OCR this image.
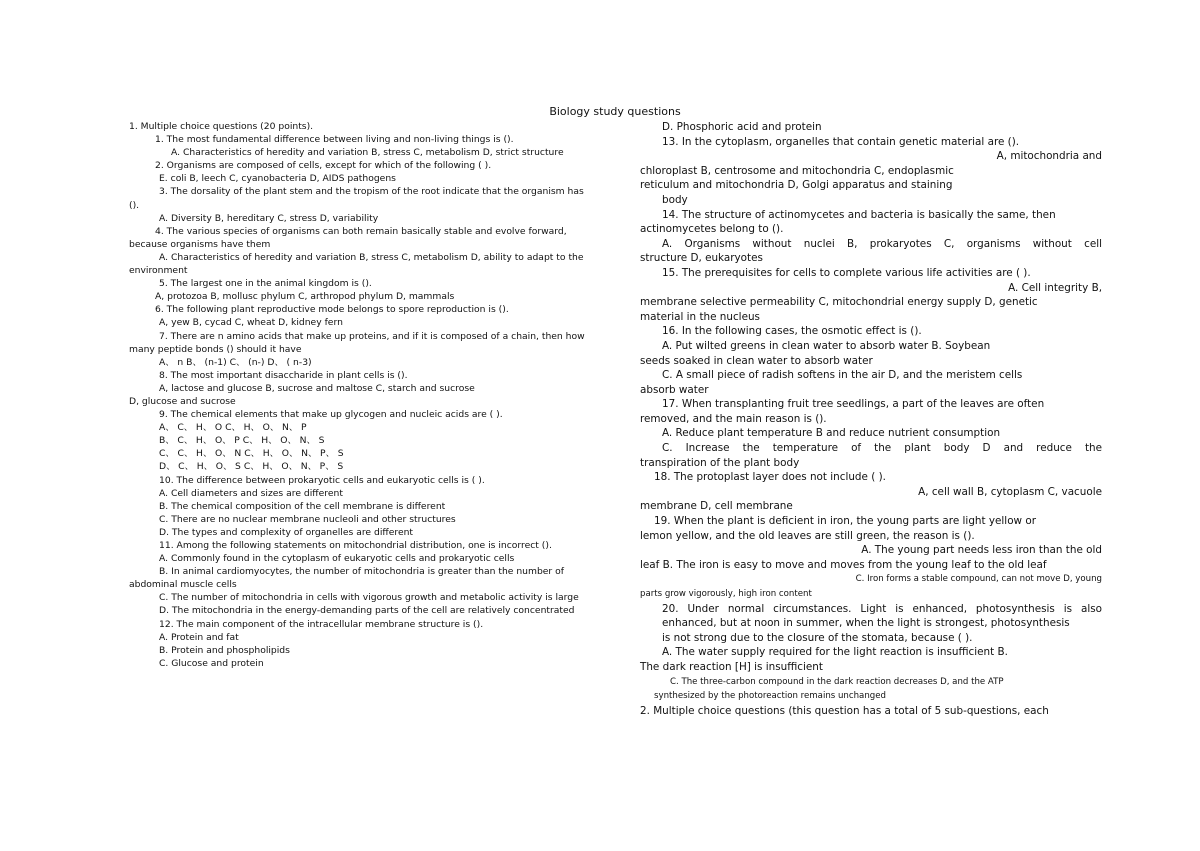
Biology study questions
1. Multiple choice questions (20 points).
1. The most fundamental difference between living and non-living things is ().
A. Characteristics of heredity and variation B, stress C, metabolism D, strict structure
2. Organisms are composed of cells, except for which of the following ( ).
E. coli B, leech C, cyanobacteria D, AIDS pathogens
3. The dorsality of the plant stem and the tropism of the root indicate that the organism has
().
A. Diversity B, hereditary C, stress D, variability
4. The various species of organisms can both remain basically stable and evolve forward,
because organisms have them
A. Characteristics of heredity and variation B, stress C, metabolism D, ability to adapt to the
environment
5. The largest one in the animal kingdom is ().
A, protozoa B, mollusc phylum C, arthropod phylum D, mammals
6. The following plant reproductive mode belongs to spore reproduction is ().
A, yew B, cycad C, wheat D, kidney fern
7. There are n amino acids that make up proteins, and if it is composed of a chain, then how
many peptide bonds () should it have
A、 n B、 (n-1) C、 (n-) D、 ( n-3)
8. The most important disaccharide in plant cells is ().
A, lactose and glucose B, sucrose and maltose C, starch and sucrose
D, glucose and sucrose
9. The chemical elements that make up glycogen and nucleic acids are ( ).
A、 C、 H、 O C、 H、 O、 N、 P
B、 C、 H、 O、 P C、 H、 O、 N、 S
C、 C、 H、 O、 N C、 H、 O、 N、 P、 S
D、 C、 H、 O、 S C、 H、 O、 N、 P、 S
10. The difference between prokaryotic cells and eukaryotic cells is ( ).
A. Cell diameters and sizes are different
B. The chemical composition of the cell membrane is different
C. There are no nuclear membrane nucleoli and other structures
D. The types and complexity of organelles are different
11. Among the following statements on mitochondrial distribution, one is incorrect ().
A. Commonly found in the cytoplasm of eukaryotic cells and prokaryotic cells
B. In animal cardiomyocytes, the number of mitochondria is greater than the number of
abdominal muscle cells
C. The number of mitochondria in cells with vigorous growth and metabolic activity is large
D. The mitochondria in the energy-demanding parts of the cell are relatively concentrated
12. The main component of the intracellular membrane structure is ().
A. Protein and fat
B. Protein and phospholipids
C. Glucose and protein
D. Phosphoric acid and protein
13. In the cytoplasm, organelles that contain genetic material are ().
A, mitochondria and
chloroplast B, centrosome and mitochondria C, endoplasmic
reticulum and mitochondria D, Golgi apparatus and staining
body
14. The structure of actinomycetes and bacteria is basically the same, then
actinomycetes belong to ().
A. Organisms without nuclei B, prokaryotes C, organisms without cell
structure D, eukaryotes
15. The prerequisites for cells to complete various life activities are ( ).
A. Cell integrity B,
membrane selective permeability C, mitochondrial energy supply D, genetic
material in the nucleus
16. In the following cases, the osmotic effect is ().
A. Put wilted greens in clean water to absorb water B. Soybean
seeds soaked in clean water to absorb water
C. A small piece of radish softens in the air D, and the meristem cells
absorb water
17. When transplanting fruit tree seedlings, a part of the leaves are often
removed, and the main reason is ().
A. Reduce plant temperature B and reduce nutrient consumption
C. Increase the temperature of the plant body D and reduce the
transpiration of the plant body
18. The protoplast layer does not include ( ).
A, cell wall B, cytoplasm C, vacuole
membrane D, cell membrane
19. When the plant is deficient in iron, the young parts are light yellow or
lemon yellow, and the old leaves are still green, the reason is ().
A. The young part needs less iron than the old
leaf B. The iron is easy to move and moves from the young leaf to the old leaf
C. Iron forms a stable compound, can not move D, young
parts grow vigorously, high iron content
20. Under normal circumstances. Light is enhanced, photosynthesis is also
enhanced, but at noon in summer, when the light is strongest, photosynthesis
is not strong due to the closure of the stomata, because ( ).
A. The water supply required for the light reaction is insufficient B.
The dark reaction [H] is insufficient
C. The three-carbon compound in the dark reaction decreases D, and the ATP
synthesized by the photoreaction remains unchanged
2. Multiple choice questions (this question has a total of 5 sub-questions, each
